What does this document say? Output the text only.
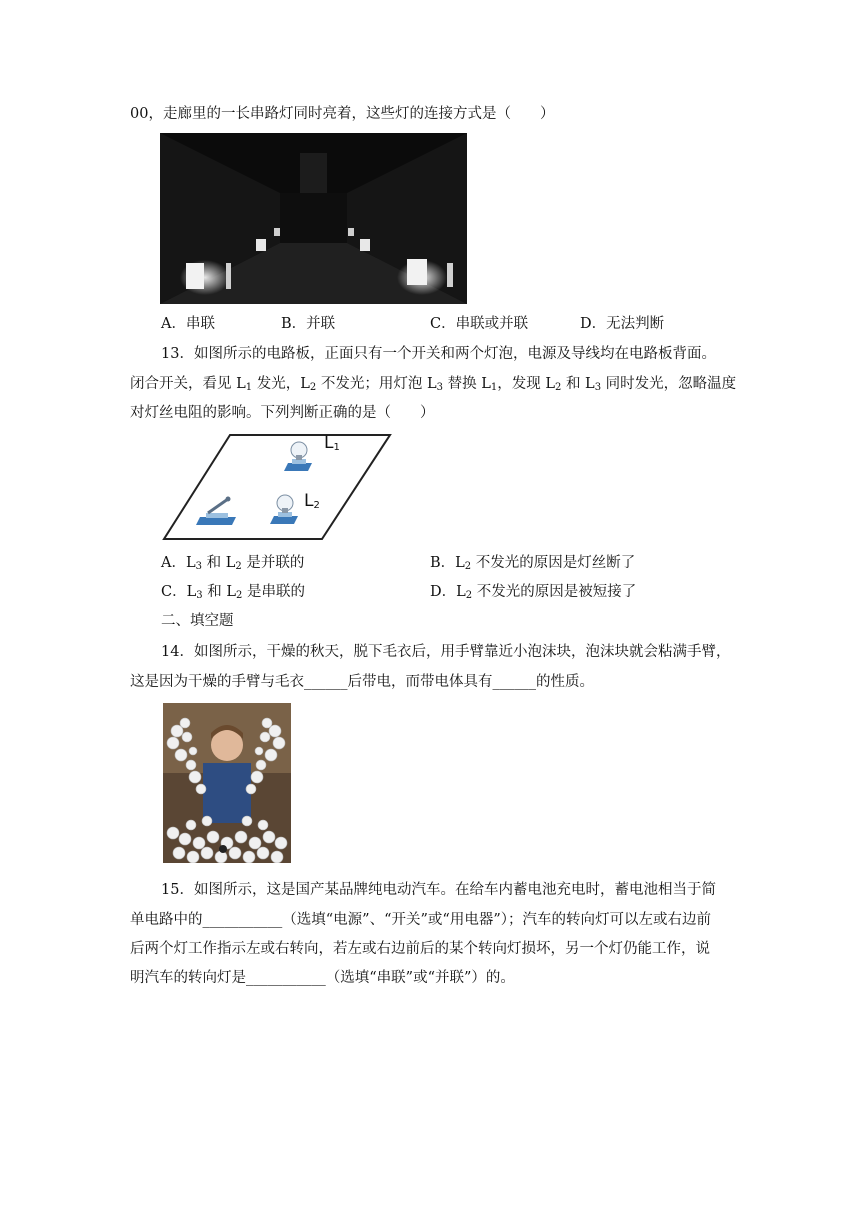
00，走廊里的一长串路灯同时亮着，这些灯的连接方式是（　　）
A．串联	B．并联	C．串联或并联	D．无法判断
13．如图所示的电路板，正面只有一个开关和两个灯泡，电源及导线均在电路板背面。
闭合开关，看见 $L_1$ 发光，$L_2$ 不发光；用灯泡 $L_3$ 替换 $L_1$，发现 $L_2$ 和 $L_3$ 同时发光，忽略温度
对灯丝电阻的影响。下列判断正确的是（　　）
$L_1$
$L_2$
A．$L_3$ 和 $L_2$ 是并联的	B．$L_2$ 不发光的原因是灯丝断了
C．$L_3$ 和 $L_2$ 是串联的	D．$L_2$ 不发光的原因是被短接了
二、填空题
14．如图所示，干燥的秋天，脱下毛衣后，用手臂靠近小泡沫块，泡沫块就会粘满手臂，
这是因为干燥的手臂与毛衣______后带电，而带电体具有______的性质。
15．如图所示，这是国产某品牌纯电动汽车。在给车内蓄电池充电时，蓄电池相当于简
单电路中的___________（选填“电源”、“开关”或“用电器”）；汽车的转向灯可以左或右边前
后两个灯工作指示左或右转向，若左或右边前后的某个转向灯损坏，另一个灯仍能工作，说
明汽车的转向灯是___________（选填“串联”或“并联”）的。
